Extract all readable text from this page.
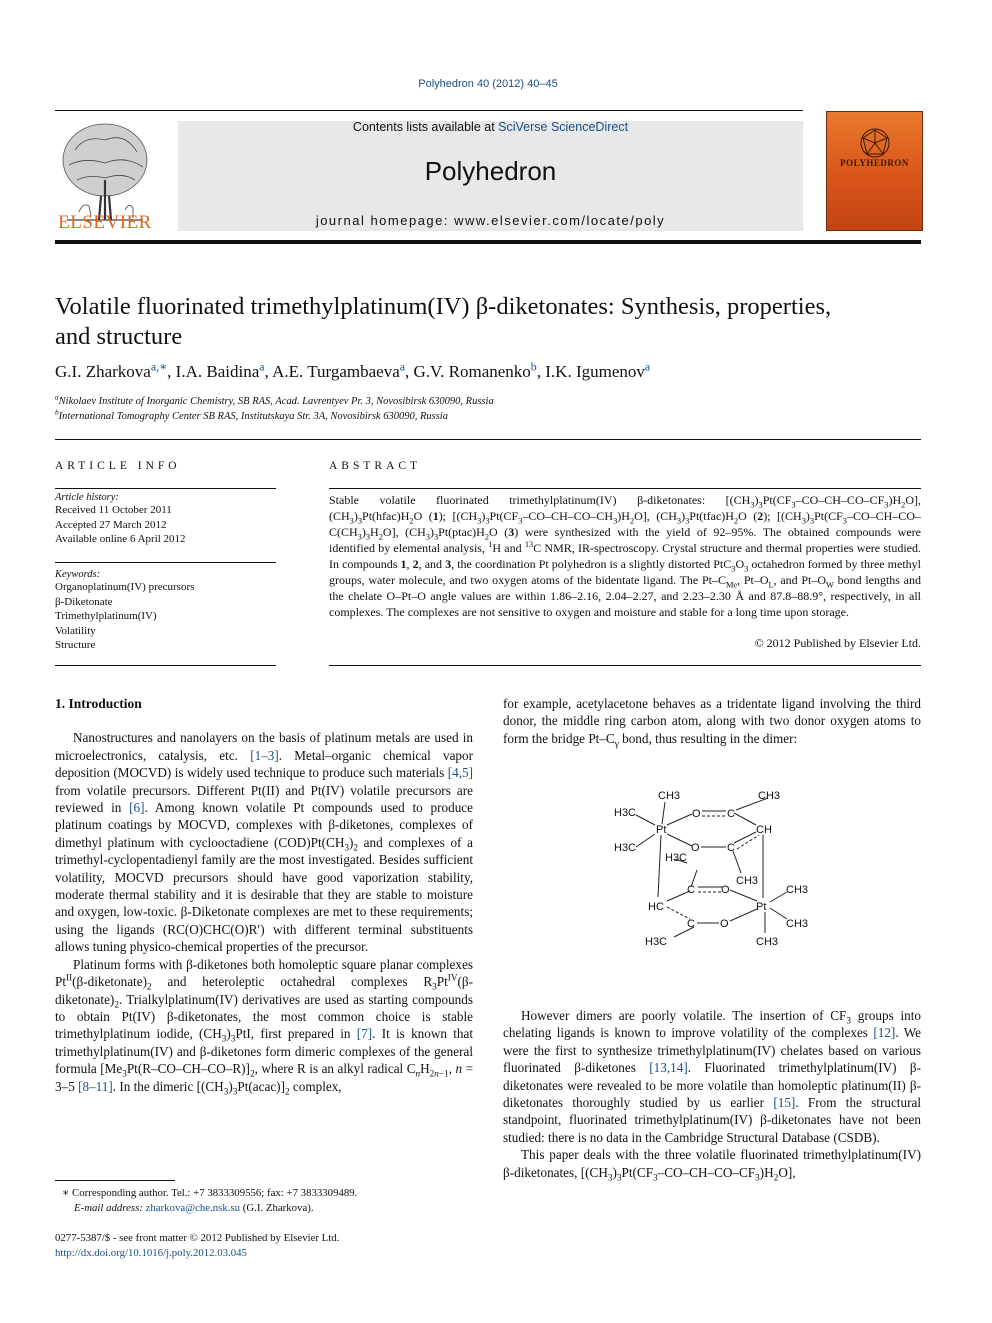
Polyhedron 40 (2012) 40–45
ELSEVIER
Contents lists available at SciVerse ScienceDirect
Polyhedron
journal homepage: www.elsevier.com/locate/poly
POLYHEDRON
Volatile fluorinated trimethylplatinum(IV) β-diketonates: Synthesis, properties,
and structure
G.I. Zharkova$^{a,∗}$, I.A. Baidina$^a$, A.E. Turgambaeva$^a$, G.V. Romanenko$^b$, I.K. Igumenov$^a$
$^a$Nikolaev Institute of Inorganic Chemistry, SB RAS, Acad. Lavrentyev Pr. 3, Novosibirsk 630090, Russia
$^b$International Tomography Center SB RAS, Institutskaya Str. 3A, Novosibirsk 630090, Russia
ARTICLE INFO
Article history:
Received 11 October 2011
Accepted 27 March 2012
Available online 6 April 2012
Keywords:
Organoplatinum(IV) precursors
β-Diketonate
Trimethylplatinum(IV)
Volatility
Structure
ABSTRACT
Stable volatile fluorinated trimethylplatinum(IV) β-diketonates: $[(CH_3)_3Pt(CF_3-CO-CH-CO-CF_3)H_2O]$, $(CH_3)_3Pt(hfac)H_2O$ (1); $[(CH_3)_3Pt(CF_3-CO-CH-CO-CH_3)H_2O]$, $(CH_3)_3Pt(tfac)H_2O$ (2); [$(CH_3)_3Pt(CF_3-CO-CH-CO-C(CH_3)_3H_2O]$, $(CH_3)_3Pt(ptac)H_2O$ (3) were synthesized with the yield of 92–95%. The obtained compounds were identified by elemental analysis, $^1$H and $^{13}$C NMR, IR-spectroscopy. Crystal structure and thermal properties were studied. In compounds 1, 2, and 3, the coordination Pt polyhedron is a slightly distorted $PtC_3O_3$ octahedron formed by three methyl groups, water molecule, and two oxygen atoms of the bidentate ligand. The $Pt-C_{Me}$, $Pt-O_L$, and $Pt-O_W$ bond lengths and the chelate O–Pt–O angle values are within 1.86–2.16, 2.04–2.27, and 2.23–2.30 Å and 87.8–88.9°, respectively, in all complexes. The complexes are not sensitive to oxygen and moisture and stable for a long time upon storage.
© 2012 Published by Elsevier Ltd.
1. Introduction

Nanostructures and nanolayers on the basis of platinum metals are used in microelectronics, catalysis, etc. [1–3]. Metal–organic chemical vapor deposition (MOCVD) is widely used technique to produce such materials [4,5] from volatile precursors. Different Pt(II) and Pt(IV) volatile precursors are reviewed in [6]. Among known volatile Pt compounds used to produce platinum coatings by MOCVD, complexes with β-diketones, complexes of dimethyl platinum with cyclooctadiene $(COD)Pt(CH_3)_2$ and complexes of a trimethyl-cyclopentadienyl family are the most investigated. Besides sufficient volatility, MOCVD precursors should have good vaporization stability, moderate thermal stability and it is desirable that they are stable to moisture and oxygen, low-toxic. β-Diketonate complexes are met to these requirements; using the ligands (RC(O)CHC(O)R′) with different terminal substituents allows tuning physico-chemical properties of the precursor.

Platinum forms with β-diketones both homoleptic square planar complexes $Pt^{II}(\beta-diketonate)_2$ and heteroleptic octahedral complexes $R_3Pt^{IV}(\beta-diketonate)_2$. Trialkylplatinum(IV) derivatives are used as starting compounds to obtain Pt(IV) β-diketonates, the most common choice is stable trimethylplatinum iodide, $(CH_3)_3PtI$, first prepared in [7]. It is known that trimethylplatinum(IV) and β-diketones form dimeric complexes of the general formula $[Me_3Pt(R-CO-CH-CO-R)]_2$, where R is an alkyl radical $C_nH_{2n-1}$, n = 3–5 [8–11]. In the dimeric $[(CH_3)_3Pt(acac)]_2$ complex,

∗ Corresponding author. Tel.: +7 3833309556; fax: +7 3833309489.
E-mail address: zharkova@che.nsk.su (G.I. Zharkova).
0277-5387/$ - see front matter © 2012 Published by Elsevier Ltd.
http://dx.doi.org/10.1016/j.poly.2012.03.045

for example, acetylacetone behaves as a tridentate ligand involving the third donor, the middle ring carbon atom, along with two donor oxygen atoms to form the bridge $Pt-C_\gamma$ bond, thus resulting in the dimer:

CH3	CH3
H3C
Pt
O C
CH
H3C	O C
H3C
CH3
C O	CH3
HC	Pt
CH3
C O
H3C	CH3

However dimers are poorly volatile. The insertion of $CF_3$ groups into chelating ligands is known to improve volatility of the complexes [12]. We were the first to synthesize trimethylplatinum(IV) chelates based on various fluorinated β-diketones [13,14]. Fluorinated trimethylplatinum(IV) β-diketonates were revealed to be more volatile than homoleptic platinum(II) β-diketonates thoroughly studied by us earlier [15]. From the structural standpoint, fluorinated trimethylplatinum(IV) β-diketonates have not been studied: there is no data in the Cambridge Structural Database (CSDB).

This paper deals with the three volatile fluorinated trimethylplatinum(IV) β-diketonates, $[(CH_3)_3Pt(CF_3-CO-CH-CO-CF_3)H_2O]$,
